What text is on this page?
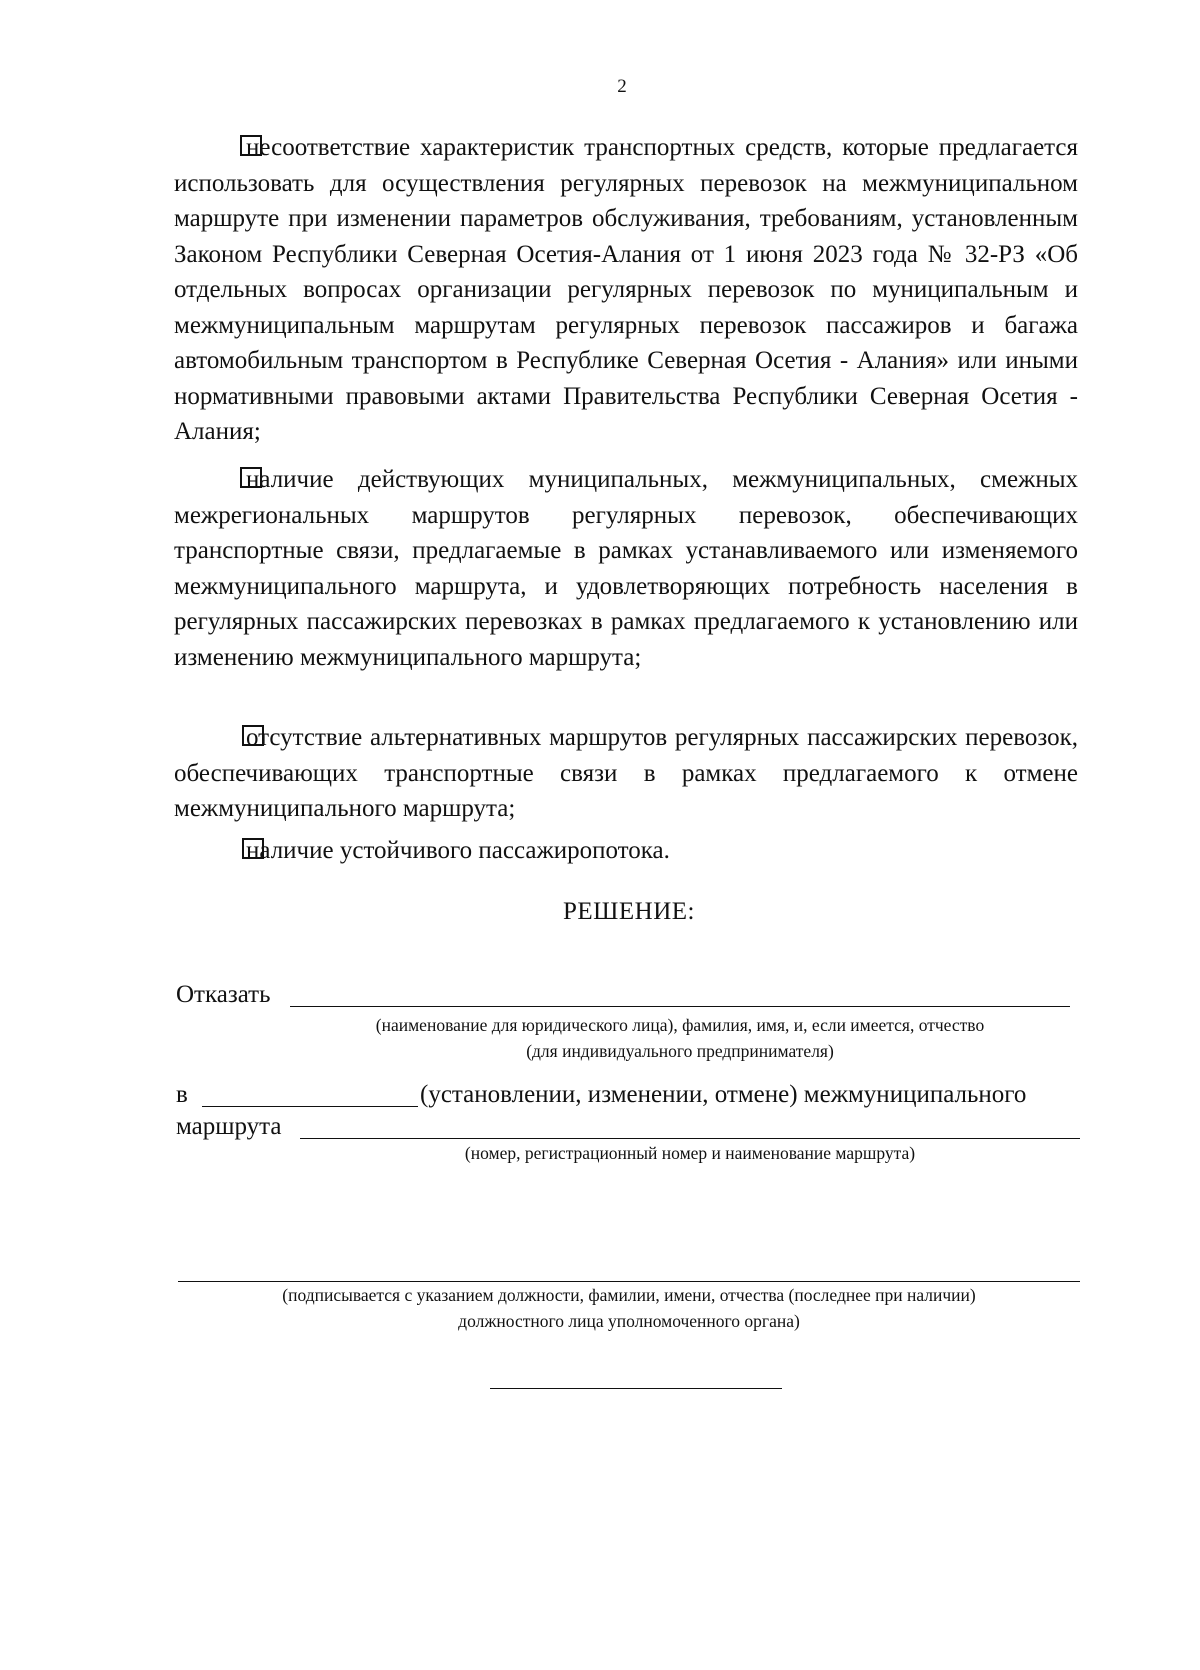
2
несоответствие характеристик транспортных средств, которые предлагается использовать для осуществления регулярных перевозок на межмуниципальном маршруте при изменении параметров обслуживания, требованиям, установленным Законом Республики Северная Осетия-Алания от 1 июня 2023 года № 32-РЗ «Об отдельных вопросах организации регулярных перевозок по муниципальным и межмуниципальным маршрутам регулярных перевозок пассажиров и багажа автомобильным транспортом в Республике Северная Осетия - Алания» или иными нормативными правовыми актами Правительства Республики Северная Осетия - Алания;
наличие действующих муниципальных, межмуниципальных, смежных межрегиональных маршрутов регулярных перевозок, обеспечивающих транспортные связи, предлагаемые в рамках устанавливаемого или изменяемого межмуниципального маршрута, и удовлетворяющих потребность населения в регулярных пассажирских перевозках в рамках предлагаемого к установлению или изменению межмуниципального маршрута;
отсутствие альтернативных маршрутов регулярных пассажирских перевозок, обеспечивающих транспортные связи в рамках предлагаемого к отмене межмуниципального маршрута;
наличие устойчивого пассажиропотока.
РЕШЕНИЕ:
Отказать
(наименование для юридического лица), фамилия, имя, и, если имеется, отчество
(для индивидуального предпринимателя)
в	(установлении, изменении, отмене) межмуниципального
маршрута
(номер, регистрационный номер и наименование маршрута)
(подписывается с указанием должности, фамилии, имени, отчества (последнее при наличии)
должностного лица уполномоченного органа)
